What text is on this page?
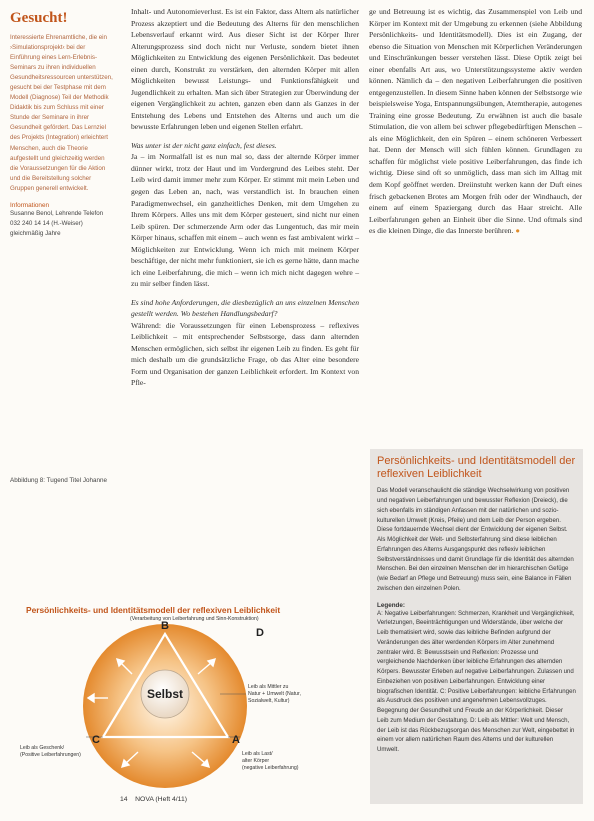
Gesucht!
Interessierte Ehrenamtliche, die ein ›Simulationsprojekt‹ bei der Einführung eines Lern-Erlebnis-Seminars zu ihren individuellen Gesundheitsressourcen unterstützen, gesucht bei der Testphase mit dem Modell (Diagnose) Teil der Methodik Didaktik bis zum Schluss mit einer Stunde der Seminare in ihrer Gesundheit gefördert. Das Lernziel des Projekts (Integration) erleichtert Menschen, auch die Theorie aufgestellt und gleichzeitig werden die Voraussetzungen für die Aktion und die Bereitstellung solcher Gruppen generell entwickelt.
Informationen
Susanne Benol, Lehrende Telefon 032 240 14 14 (H.-Weiser) gleichmäßig Jahre
Abbildung 8: Tugend Titel Johanne

Inhalt- und Autonomieverlust. Es ist ein Faktor, dass Altern als natürlicher Prozess akzeptiert und die Bedeutung des Alterns für den menschlichen Lebensverlauf erkannt wird. Aus dieser Sicht ist der Körper Ihrer Alterungsprozess sind doch nicht nur Verluste, sondern bietet ihnen Möglichkeiten zu Entwicklung des eigenen Persönlichkeit. Das bedeutet einen durch, Konstrukt zu verstärken, den alternden Körper mit allen Möglichkeiten bewusst Leistungs- und Funktionsfähigkeit und Jugendlichkeit zu erhalten. Man sich über Strategien zur Überwindung der eigenen Vergänglichkeit zu achten, ganzen eben dann als Ganzes in der Entstehung des Lebens und Entstehen des Alterns und auch um die bewusste Erfahrungen leben und eigenen Stellen erfahrt.

Was unter ist der nicht ganz einfach, fest dieses.

Ja – im Normalfall ist es nun mal so, dass der alternde Körper immer dünner wirkt, trotz der Haut und im Vordergrund des Leibes steht. Der Leib wird damit immer mehr zum Körper. Er stimmt mit mein Leben und gegen das Leben an, nach, was verstandlich ist. In brauchen einen Paradigmenwechsel, ein ganzheitliches Denken, mit dem Umgehen zu Ihrem Körpers. Alles uns mit dem Körper gesteuert, sind nicht nur einen Leib spüren. Der schmerzende Arm oder das Lungentuch, das mir mein Körper hinaus, schaffen mit einem – auch wenn es fast ambivalent wirkt – Möglichkeiten zur Entwicklung. Wenn ich mich mit meinem Körper beschäftige, der nicht mehr funktioniert, sie ich es gerne hätte, dann mache ich eine Leiberfahrung, die mich – wenn ich mich nicht dagegen wehre – zu mir selber finden lässt.

Es sind hohe Anforderungen, die diesbezüglich an uns einzelnen Menschen gestellt werden. Wo bestehen Handlungsbedarf?

Während: die Voraussetzungen für einen Lebensprozess – reflexives Leiblichkeit – mit entsprechender Selbstsorge, dass dann alternden Menschen ermöglichen, sich selbst ihr eigenen Leib zu finden. Es geht für mich deshalb um die grundsätzliche Frage, ob das Alter eine besondere Form und Organisation der ganzen Leiblichkeit erfordert. Im Kontext von Pfle-

ge und Betreuung ist es wichtig, das Zusammenspiel von Leib und Körper im Kontext mit der Umgebung zu erkennen (siehe Abbildung Persönlichkeits- und Identitätsmodell). Dies ist ein Zugang, der ebenso die Situation von Menschen mit Körperlichen Veränderungen und Einschränkungen besser verstehen lässt. Diese Optik zeigt bei einer ebenfalls Art aus, wo Unterstützungssysteme aktiv werden können. Nämlich da – den negativen Leiberfahrungen die positiven entgegenzustellen. In diesem Sinne haben können der Selbstsorge wie beispielsweise Yoga, Entspannungsübungen, Atemtherapie, autogenes Training eine grosse Bedeutung. Zu erwähnen ist auch die basale Stimulation, die von allem bei schwer pflegebedürftigen Menschen – als eine Möglichkeit, den ein Spüren – einem schöneren Verbessert hat. Denn der Mensch will sich fühlen können. Grundlagen zu schaffen für möglichst viele positive Leiberfahrungen, das finde ich wichtig. Diese sind oft so unmöglich, dass man sich im Alltag mit dem Kopf geöffnet werden. Dreiinstuht werken kann der Duft eines frisch gebackenen Brotes am Morgen früh oder der Windhauch, der einem auf einem Spaziergang durch das Haar streicht. Alle Leiberfahrungen gehen an Einheit über die Sinne. Und oftmals sind es die kleinen Dinge, die das Innerste berühren. ●

Persönlichkeits- und Identitätsmodell der reflexiven Leiblichkeit

Das Modell veranschaulicht die ständige Wechselwirkung von positiven und negativen Leiberfahrungen und bewusster Reflexion (Dreieck), die sich ebenfalls im ständigen Anfassen mit der natürlichen und sozio-kulturellen Umwelt (Kreis, Pfeile) und dem Leib der Person ergeben. Diese fortdauernde Wechsel dient der Entwicklung der eigenen Selbst. Als Möglichkeit der Welt- und Selbsterfahrung sind diese leiblichen Erfahrungen des Alterns Ausgangspunkt des reflexiv leiblichen Selbstverständnisses und damit Grundlage für die Identität des alternden Menschen. Bei den einzelnen Menschen der im hierarchischen Gefüge (wie Bedarf an Pflege und Betreuung) muss sein, eine Balance in Fällen zwischen den einzelnen Polen.

Legende:

A: Negative Leiberfahrungen: Schmerzen, Krankheit und Vergänglichkeit, Verletzungen, Beeinträchtigungen und Widerstände, über welche der Leib thematisiert wird, sowie das leibliche Befinden aufgrund der Veränderungen des älter werdenden Körpers im Alter zunehmend zentraler wird. B: Bewusstsein und Reflexion: Prozesse und vergleichende Nachdenken über leibliche Erfahrungen des alternden Körpers. Bewusster Erleben auf negative Leiberfahrungen. Zulassen und Einbeziehen von positiven Leiberfahrungen. Entwicklung einer biografischen Identität. C: Positive Leiberfahrungen: leibliche Erfahrungen als Ausdruck des positiven und angenehmen Lebensvollzuges. Begegnung der Gesundheit und Freude an der Körperlichkeit. Dieser Leib zum Medium der Gestaltung. D: Leib als Mittler: Welt und Mensch, der Leib ist das Rückbezugsorgan des Menschen zur Welt, eingebettet in einem vor allem natürlichen Raum des Alterns und der kulturellen Umwelt.

Persönlichkeits- und Identitätsmodell der reflexiven Leiblichkeit
Selbst
B
D
C	A
(Verarbeitung von Leiberfahrung und Sinn-Konstruktion)
Leib als Mittler zu
Natur + Umwelt (Natur,
Sozialwelt, Kultur)
Leib als Geschenk/
(Positive Leiberfahrungen)	Leib als Last/
alter Körper
(negative Leiberfahrung)
14 NOVA (Heft 4/11)
